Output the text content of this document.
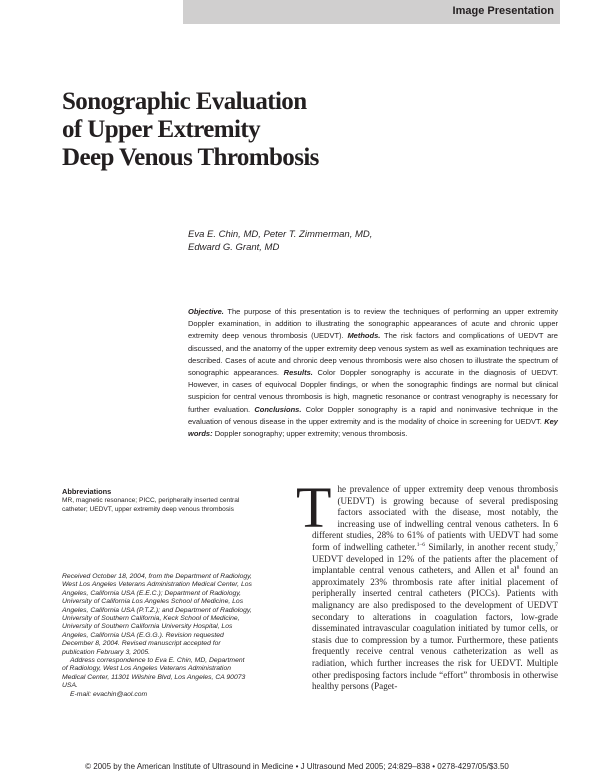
Image Presentation
Sonographic Evaluation
of Upper Extremity
Deep Venous Thrombosis
Eva E. Chin, MD, Peter T. Zimmerman, MD,
Edward G. Grant, MD

Objective. The purpose of this presentation is to review the techniques of performing an upper extremity Doppler examination, in addition to illustrating the sonographic appearances of acute and chronic upper extremity deep venous thrombosis (UEDVT). Methods. The risk factors and complications of UEDVT are discussed, and the anatomy of the upper extremity deep venous system as well as examination techniques are described. Cases of acute and chronic deep venous thrombosis were also chosen to illustrate the spectrum of sonographic appearances. Results. Color Doppler sonography is accurate in the diagnosis of UEDVT. However, in cases of equivocal Doppler findings, or when the sonographic findings are normal but clinical suspicion for central venous thrombosis is high, magnetic resonance or contrast venography is necessary for further evaluation. Conclusions. Color Doppler sonography is a rapid and noninvasive technique in the evaluation of venous disease in the upper extremity and is the modality of choice in screening for UEDVT. Key words: Doppler sonography; upper extremity; venous thrombosis.

Abbreviations
MR, magnetic resonance; PICC, peripherally inserted central catheter; UEDVT, upper extremity deep venous thrombosis

Received October 18, 2004, from the Department of Radiology, West Los Angeles Veterans Administration Medical Center, Los Angeles, California USA (E.E.C.); Department of Radiology, University of California Los Angeles School of Medicine, Los Angeles, California USA (P.T.Z.); and Department of Radiology, University of Southern California, Keck School of Medicine, University of Southern California University Hospital, Los Angeles, California USA (E.G.G.). Revision requested December 8, 2004. Revised manuscript accepted for publication February 3, 2005.

Address correspondence to Eva E. Chin, MD, Department of Radiology, West Los Angeles Veterans Administration Medical Center, 11301 Wilshire Blvd, Los Angeles, CA 90073 USA.

E-mail: evachin@aol.com

The prevalence of upper extremity deep venous thrombosis (UEDVT) is growing because of several predisposing factors associated with the disease, most notably, the increasing use of indwelling central venous catheters. In 6 different studies, 28% to 61% of patients with UEDVT had some form of indwelling catheter.$^{1-6}$ Similarly, in another recent study,$^7$ UEDVT developed in 12% of the patients after the placement of implantable central venous catheters, and Allen et $al^8$ found an approximately 23% thrombosis rate after initial placement of peripherally inserted central catheters (PICCs). Patients with malignancy are also predisposed to the development of UEDVT secondary to alterations in coagulation factors, low-grade disseminated intravascular coagulation initiated by tumor cells, or stasis due to compression by a tumor. Furthermore, these patients frequently receive central venous catheterization as well as radiation, which further increases the risk for UEDVT. Multiple other predisposing factors include “effort” thrombosis in otherwise healthy persons (Paget-

© 2005 by the American Institute of Ultrasound in Medicine • J Ultrasound Med 2005; 24:829–838 • 0278-4297/05/$3.50
